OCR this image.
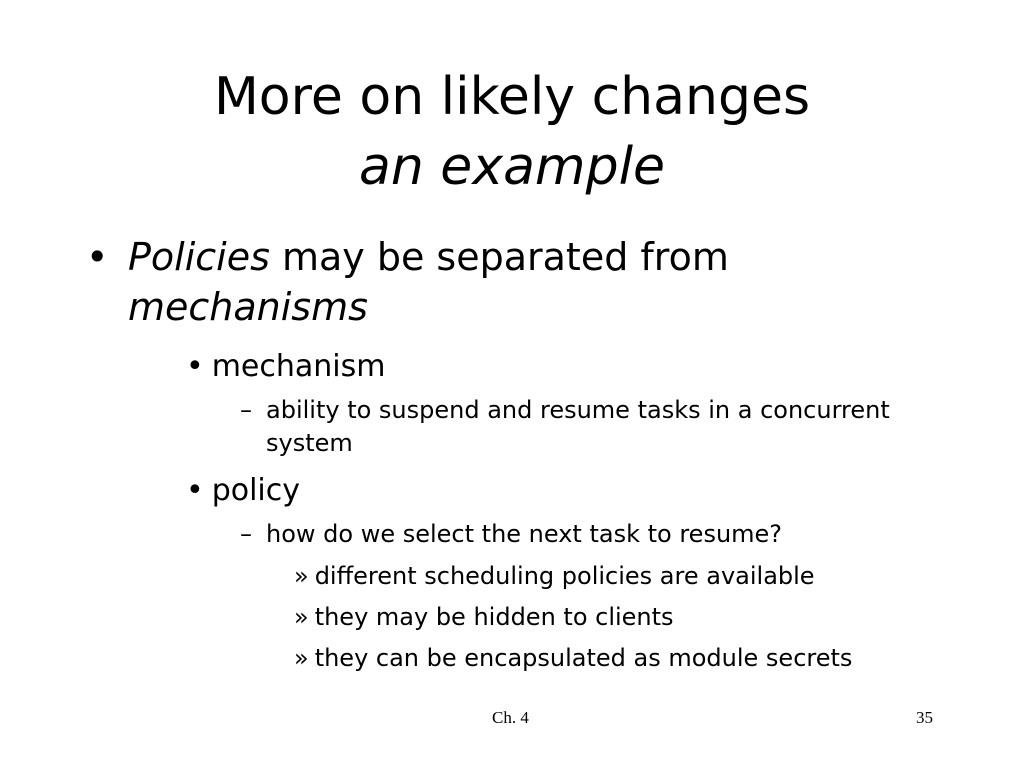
More on likely changes
an example
• Policies may be separated from
mechanisms
• mechanism
– ability to suspend and resume tasks in a concurrent system
• policy
– how do we select the next task to resume?
» different scheduling policies are available
» they may be hidden to clients
» they can be encapsulated as module secrets
Ch. 4	35
